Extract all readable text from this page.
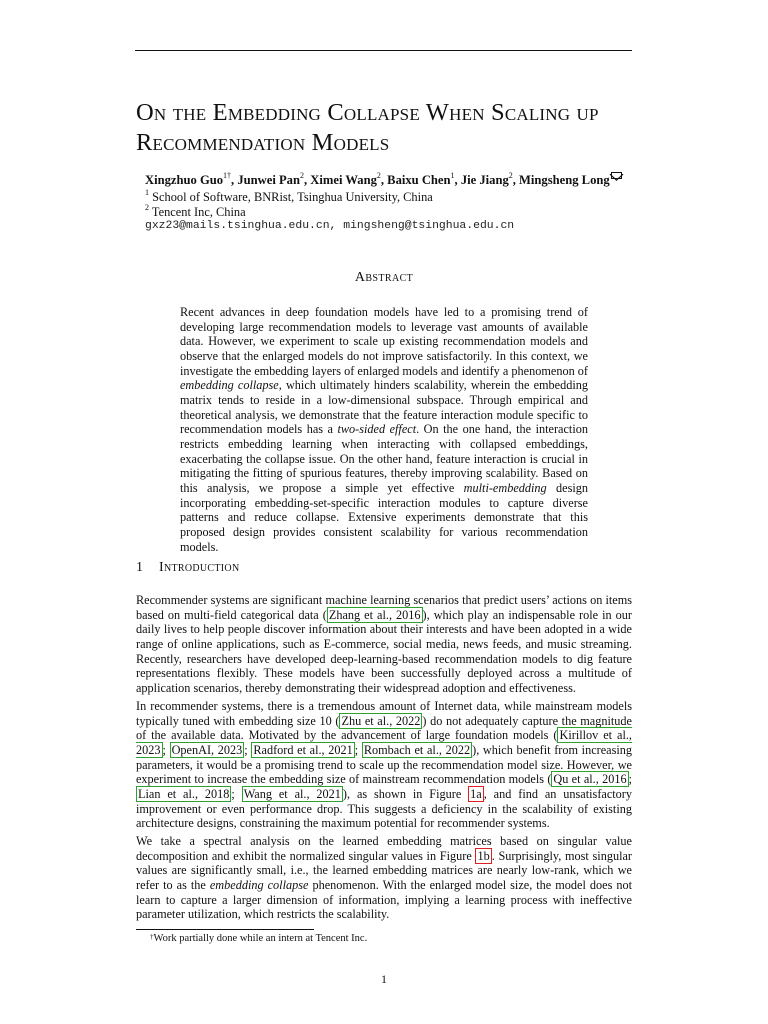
On the Embedding Collapse When Scaling up Recommendation Models
Xingzhuo Guo$^{1\dagger}$, Junwei Pan$^2$, Ximei Wang$^2$, Baixu Chen$^1$, Jie Jiang$^2$, Mingsheng Long
$^1$ School of Software, BNRist, Tsinghua University, China
$^2$ Tencent Inc, China
gxz23@mails.tsinghua.edu.cn, mingsheng@tsinghua.edu.cn
Abstract
Recent advances in deep foundation models have led to a promising trend of developing large recommendation models to leverage vast amounts of available data. However, we experiment to scale up existing recommendation models and observe that the enlarged models do not improve satisfactorily. In this context, we investigate the embedding layers of enlarged models and identify a phenomenon of embedding collapse, which ultimately hinders scalability, wherein the embedding matrix tends to reside in a low-dimensional subspace. Through empirical and theoretical analysis, we demonstrate that the feature interaction module specific to recommendation models has a two-sided effect. On the one hand, the interaction restricts embedding learning when interacting with collapsed embeddings, exacerbating the collapse issue. On the other hand, feature interaction is crucial in mitigating the fitting of spurious features, thereby improving scalability. Based on this analysis, we propose a simple yet effective multi-embedding design incorporating embedding-set-specific interaction modules to capture diverse patterns and reduce collapse. Extensive experiments demonstrate that this proposed design provides consistent scalability for various recommendation models.
1 Introduction

Recommender systems are significant machine learning scenarios that predict users’ actions on items based on multi-field categorical data ( Zhang et al., 2016 ), which play an indispensable role in our daily lives to help people discover information about their interests and have been adopted in a wide range of online applications, such as E-commerce, social media, news feeds, and music streaming. Recently, researchers have developed deep-learning-based recommendation models to dig feature representations flexibly. These models have been successfully deployed across a multitude of application scenarios, thereby demonstrating their widespread adoption and effectiveness.

In recommender systems, there is a tremendous amount of Internet data, while mainstream models typically tuned with embedding size 10 ( Zhu et al., 2022 ) do not adequately capture the magnitude of the available data. Motivated by the advancement of large foundation models ( Kirillov et al., 2023 ; OpenAI, 2023 ; Radford et al., 2021 ; Rombach et al., 2022 ), which benefit from increasing parameters, it would be a promising trend to scale up the recommendation model size. However, we experiment to increase the embedding size of mainstream recommendation models ( Qu et al., 2016 ; Lian et al., 2018 ; Wang et al., 2021 ), as shown in Figure 1a , and find an unsatisfactory improvement or even performance drop. This suggests a deficiency in the scalability of existing architecture designs, constraining the maximum potential for recommender systems.

We take a spectral analysis on the learned embedding matrices based on singular value decomposition and exhibit the normalized singular values in Figure 1b . Surprisingly, most singular values are significantly small, i.e., the learned embedding matrices are nearly low-rank, which we refer to as the embedding collapse phenomenon. With the enlarged model size, the model does not learn to capture a larger dimension of information, implying a learning process with ineffective parameter utilization, which restricts the scalability.

†Work partially done while an intern at Tencent Inc.
1
